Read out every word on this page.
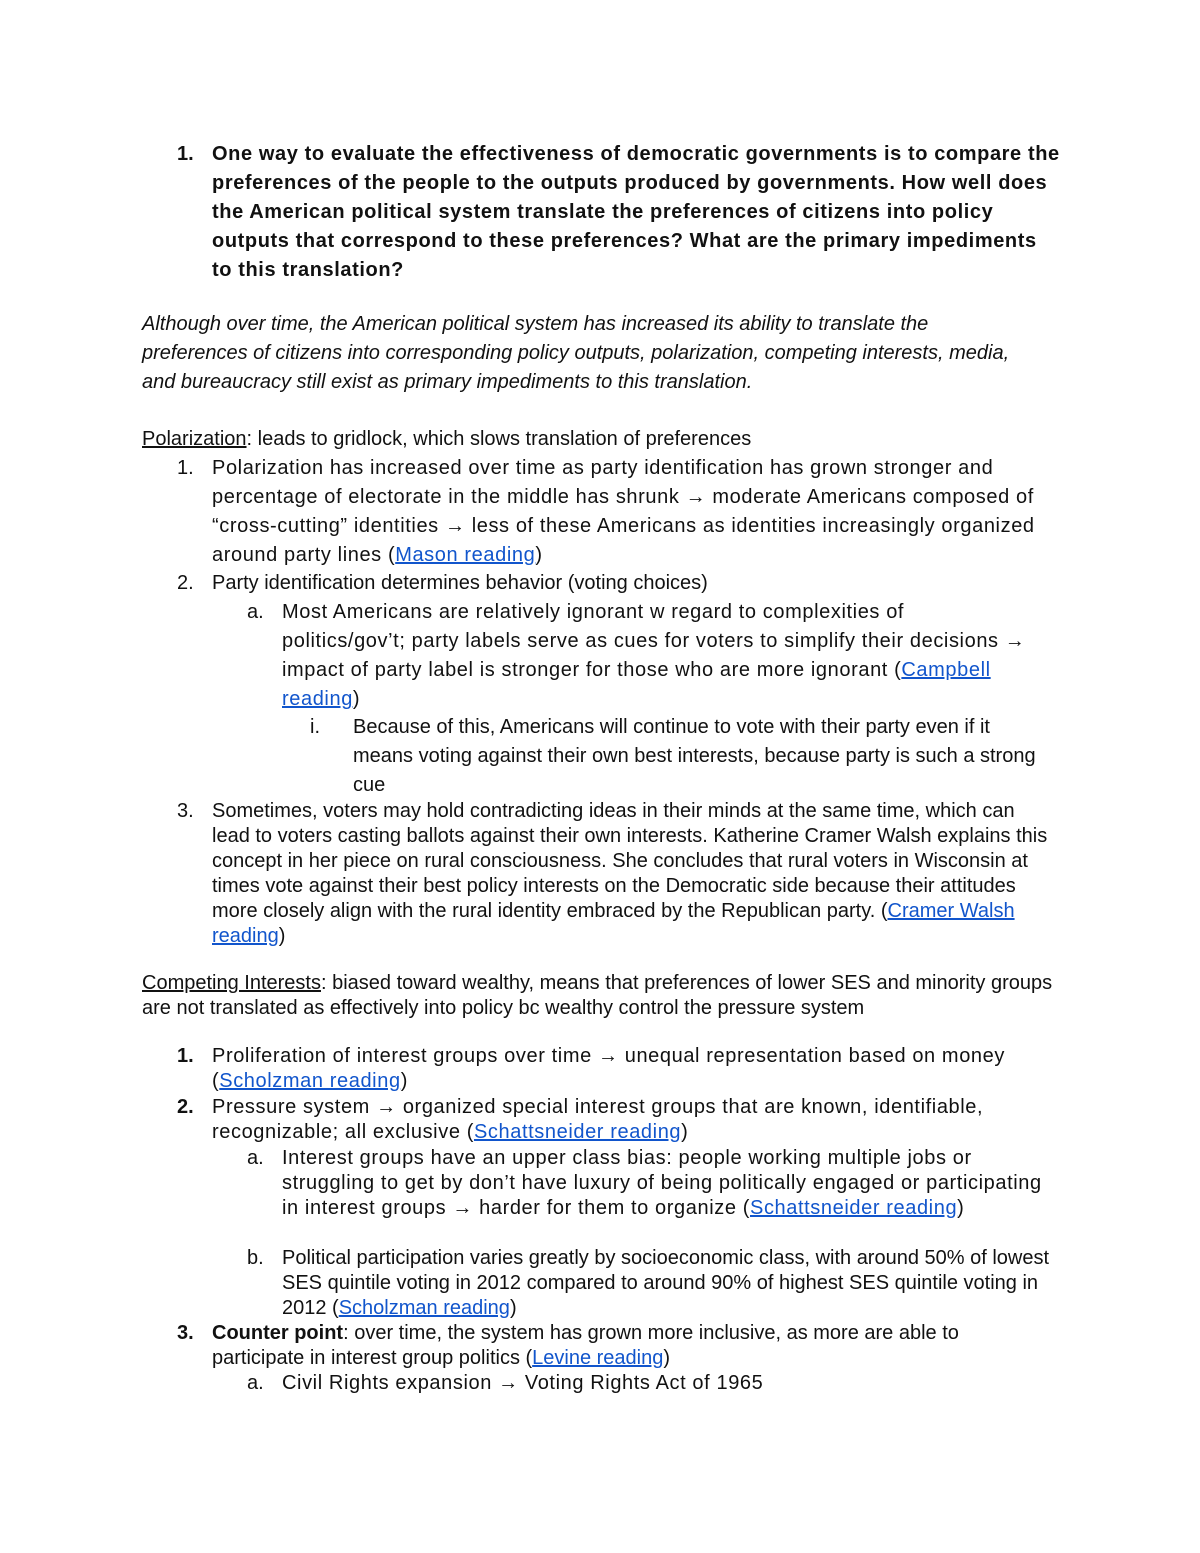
1. One way to evaluate the effectiveness of democratic governments is to compare the preferences of the people to the outputs produced by governments. How well does the American political system translate the preferences of citizens into policy outputs that correspond to these preferences? What are the primary impediments to this translation?

Although over time, the American political system has increased its ability to translate the preferences of citizens into corresponding policy outputs, polarization, competing interests, media, and bureaucracy still exist as primary impediments to this translation.

Polarization: leads to gridlock, which slows translation of preferences

1. Polarization has increased over time as party identification has grown stronger and percentage of electorate in the middle has shrunk → moderate Americans composed of “cross-cutting” identities → less of these Americans as identities increasingly organized around party lines (Mason reading)

2. Party identification determines behavior (voting choices)

a. Most Americans are relatively ignorant w regard to complexities of politics/gov’t; party labels serve as cues for voters to simplify their decisions → impact of party label is stronger for those who are more ignorant (Campbell reading)

i. Because of this, Americans will continue to vote with their party even if it means voting against their own best interests, because party is such a strong cue

3. Sometimes, voters may hold contradicting ideas in their minds at the same time, which can lead to voters casting ballots against their own interests. Katherine Cramer Walsh explains this concept in her piece on rural consciousness. She concludes that rural voters in Wisconsin at times vote against their best policy interests on the Democratic side because their attitudes more closely align with the rural identity embraced by the Republican party. (Cramer Walsh reading)

Competing Interests: biased toward wealthy, means that preferences of lower SES and minority groups are not translated as effectively into policy bc wealthy control the pressure system

1. Proliferation of interest groups over time → unequal representation based on money (Scholzman reading)

2. Pressure system → organized special interest groups that are known, identifiable, recognizable; all exclusive (Schattsneider reading)

a. Interest groups have an upper class bias: people working multiple jobs or struggling to get by don’t have luxury of being politically engaged or participating in interest groups → harder for them to organize (Schattsneider reading)

b. Political participation varies greatly by socioeconomic class, with around 50% of lowest SES quintile voting in 2012 compared to around 90% of highest SES quintile voting in 2012 (Scholzman reading)

3. Counter point: over time, the system has grown more inclusive, as more are able to participate in interest group politics (Levine reading)

a. Civil Rights expansion → Voting Rights Act of 1965
